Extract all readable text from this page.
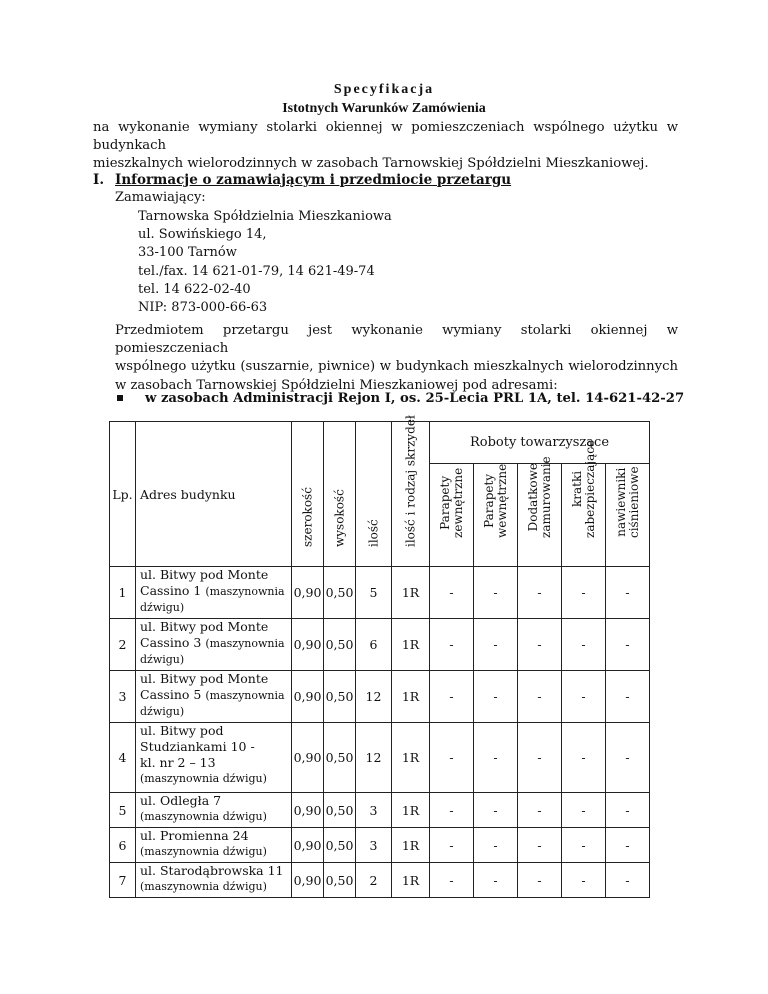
Specyfikacja
Istotnych Warunków Zamówienia
na wykonanie wymiany stolarki okiennej w pomieszczeniach wspólnego użytku w budynkach
mieszkalnych wielorodzinnych w zasobach Tarnowskiej Spółdzielni Mieszkaniowej.
I. Informacje o zamawiającym i przedmiocie przetargu
Zamawiający:
Tarnowska Spółdzielnia Mieszkaniowa
ul. Sowińskiego 14,
33-100 Tarnów
tel./fax. 14 621-01-79, 14 621-49-74
tel. 14 622-02-40
NIP: 873-000-66-63
Przedmiotem przetargu jest wykonanie wymiany stolarki okiennej w pomieszczeniach
wspólnego użytku (suszarnie, piwnice) w budynkach mieszkalnych wielorodzinnych
w zasobach Tarnowskiej Spółdzielni Mieszkaniowej pod adresami:
w zasobach Administracji Rejon I, os. 25-Lecia PRL 1A, tel. 14-621-42-27
Lp.	Adres budynku	szerokość	wysokość	ilość	ilość i rodzaj skrzydeł	Roboty towarzyszące				

						Parapety zewnętrzne	Parapety wewnętrzne	Dodatkowe zamurowanie	kratki zabezpieczające	nawiewniki ciśnieniowe

1	ul. Bitwy pod Monte
Cassino 1 (maszynownia
dźwigu)	0,90	0,50	5	1R	-	-	-	-	-
2	ul. Bitwy pod Monte
Cassino 3 (maszynownia
dźwigu)	0,90	0,50	6	1R	-	-	-	-	-
3	ul. Bitwy pod Monte
Cassino 5 (maszynownia
dźwigu)	0,90	0,50	12	1R	-	-	-	-	-
4	ul. Bitwy pod
Studziankami 10 -
kl. nr 2 – 13
(maszynownia dźwigu)	0,90	0,50	12	1R	-	-	-	-	-
5	ul. Odległa 7
(maszynownia dźwigu)	0,90	0,50	3	1R	-	-	-	-	-
6	ul. Promienna 24
(maszynownia dźwigu)	0,90	0,50	3	1R	-	-	-	-	-
7	ul. Starodąbrowska 11
(maszynownia dźwigu)	0,90	0,50	2	1R	-	-	-	-	-
